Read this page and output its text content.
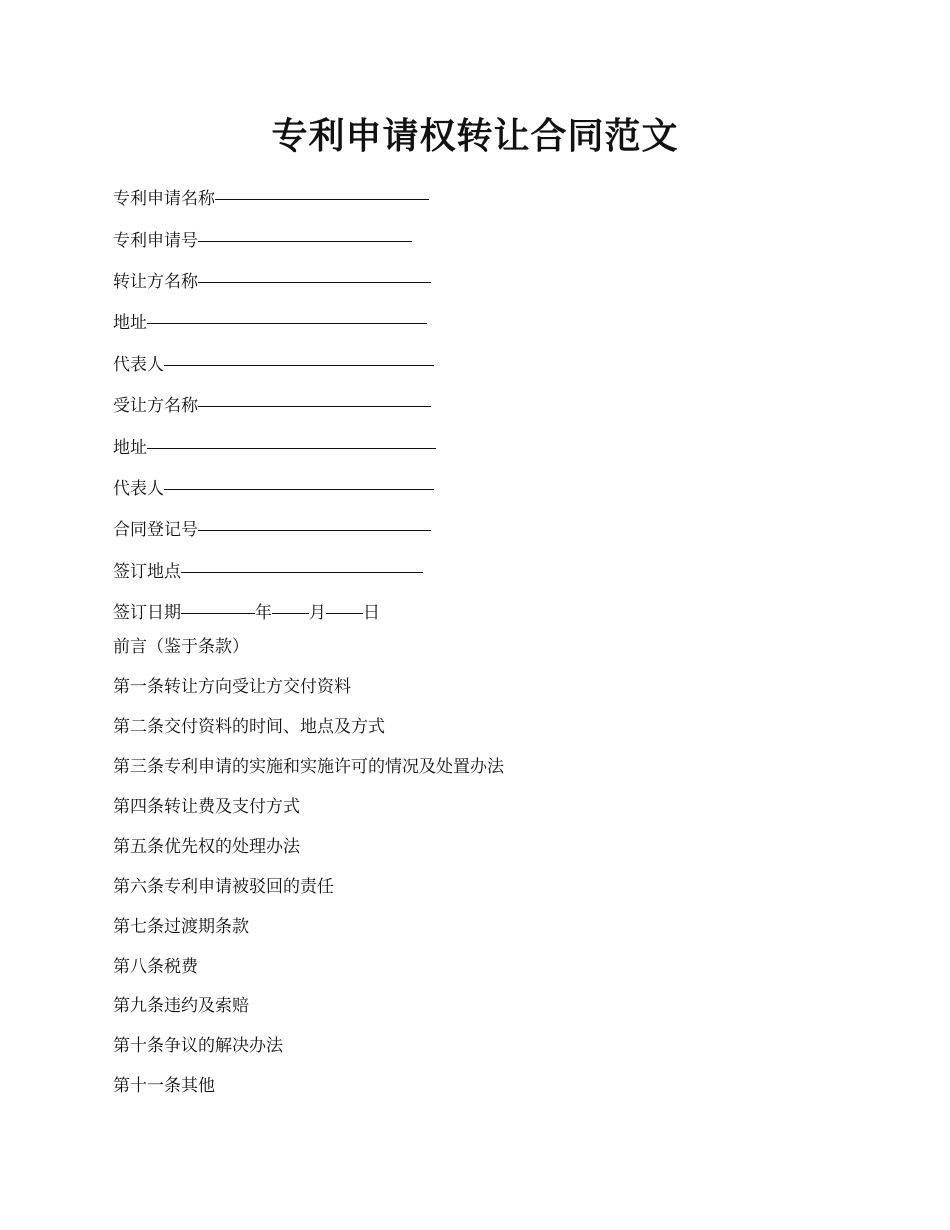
专利申请权转让合同范文
专利申请名称
专利申请号
转让方名称
地址
代表人
受让方名称
地址
代表人
合同登记号
签订地点
签订日期	年 月 日
前言（鉴于条款）
第一条转让方向受让方交付资料
第二条交付资料的时间、地点及方式
第三条专利申请的实施和实施许可的情况及处置办法
第四条转让费及支付方式
第五条优先权的处理办法
第六条专利申请被驳回的责任
第七条过渡期条款
第八条税费
第九条违约及索赔
第十条争议的解决办法
第十一条其他
